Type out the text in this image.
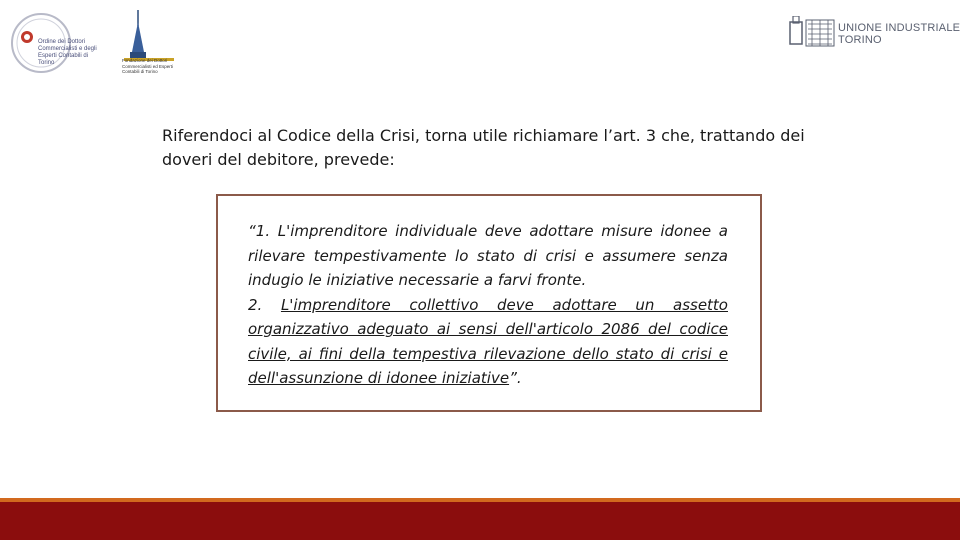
Ordine dei Dottori Commercialisti e degli Esperti Contabili di Torino	Fondazione dei Dottori Commercialisti ed Esperti Contabili di Torino
UNIONE INDUSTRIALE
TORINO
Riferendoci al Codice della Crisi, torna utile richiamare l’art. 3 che, trattando dei doveri del debitore, prevede:

“1. L'imprenditore individuale deve adottare misure idonee a rilevare tempestivamente lo stato di crisi e assumere senza indugio le iniziative necessarie a farvi fronte.

2. L'imprenditore collettivo deve adottare un assetto organizzativo adeguato ai sensi dell'articolo 2086 del codice civile, ai fini della tempestiva rilevazione dello stato di crisi e dell'assunzione di idonee iniziative”.
